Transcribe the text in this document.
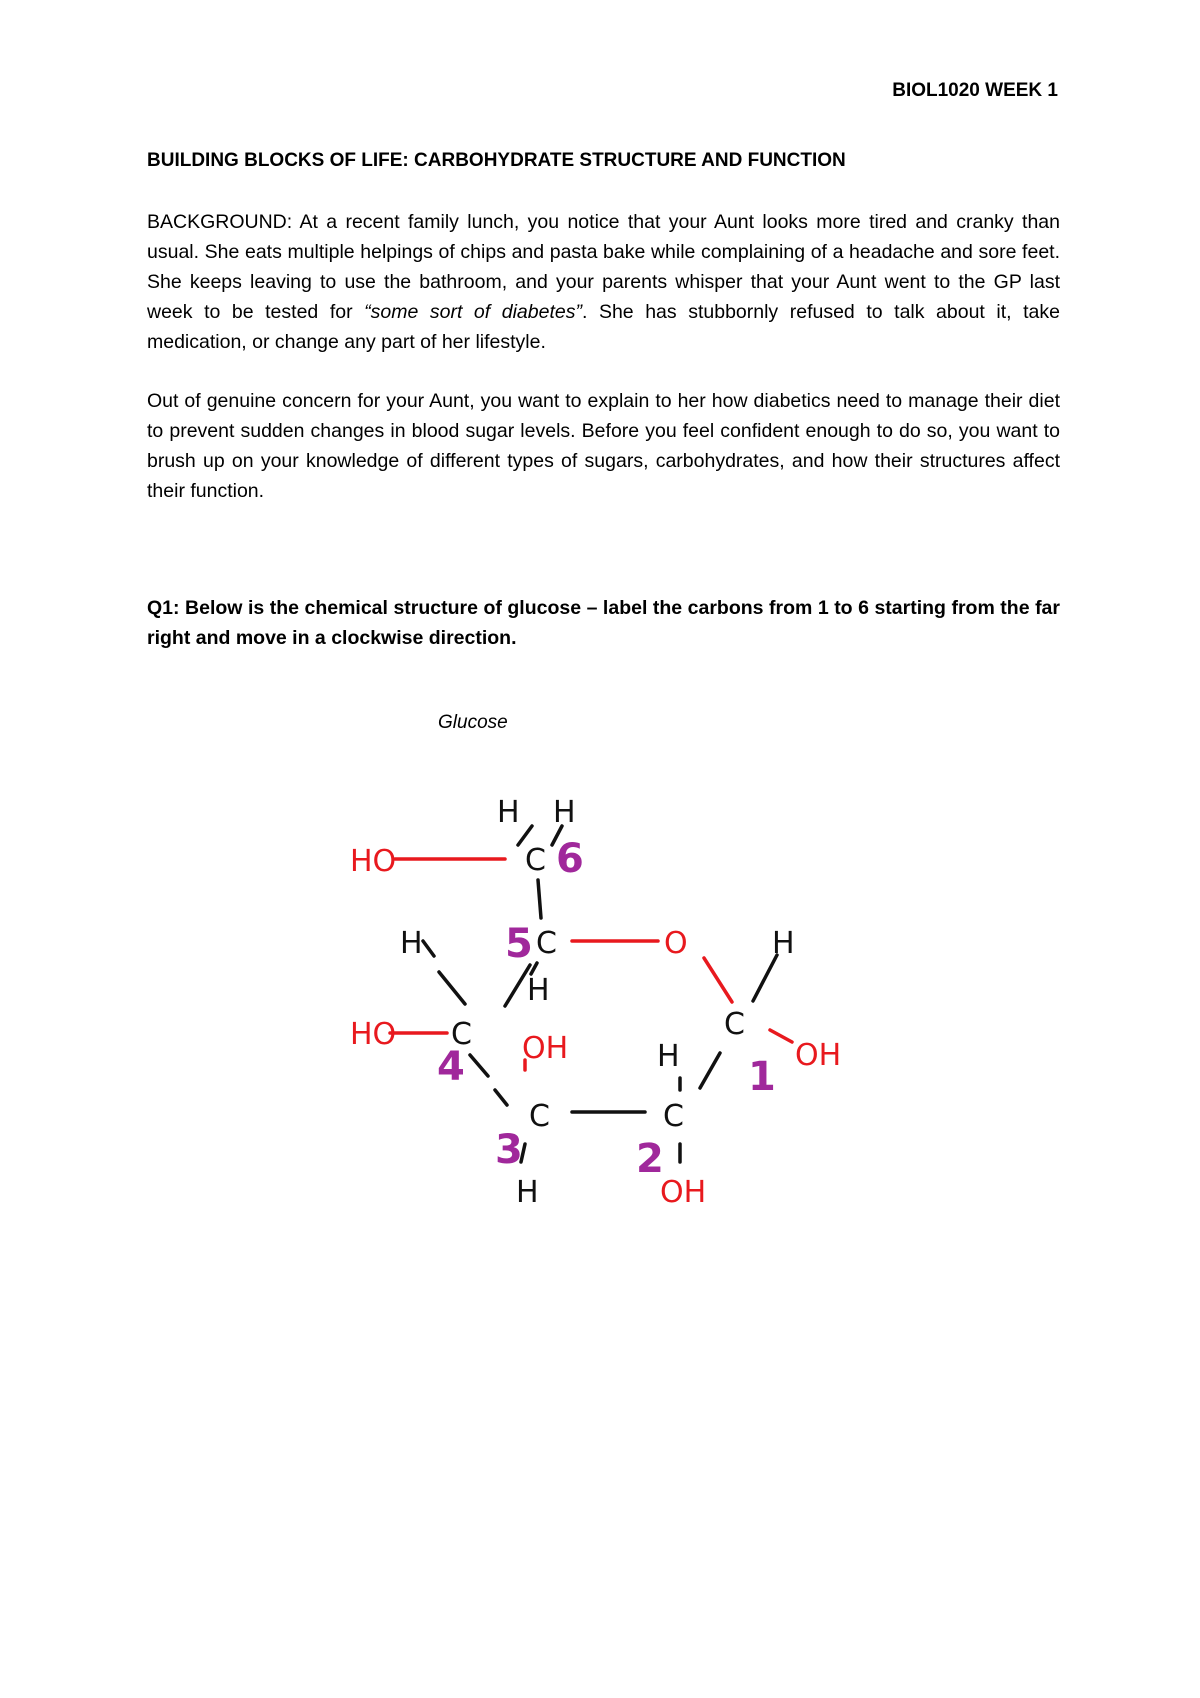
BIOL1020 WEEK 1
BUILDING BLOCKS OF LIFE: CARBOHYDRATE STRUCTURE AND FUNCTION
BACKGROUND: At a recent family lunch, you notice that your Aunt looks more tired and cranky than usual. She eats multiple helpings of chips and pasta bake while complaining of a headache and sore feet. She keeps leaving to use the bathroom, and your parents whisper that your Aunt went to the GP last week to be tested for “some sort of diabetes”. She has stubbornly refused to talk about it, take medication, or change any part of her lifestyle.
Out of genuine concern for your Aunt, you want to explain to her how diabetics need to manage their diet to prevent sudden changes in blood sugar levels. Before you feel confident enough to do so, you want to brush up on your knowledge of different types of sugars, carbohydrates, and how their structures affect their function.
Q1: Below is the chemical structure of glucose – label the carbons from 1 to 6 starting from the far right and move in a clockwise direction.
Glucose
H H
C
HO
H	C	O	H
H
HO C	C
OH
OH	H
C	C
H	OH
1
2
3
4
5
6
